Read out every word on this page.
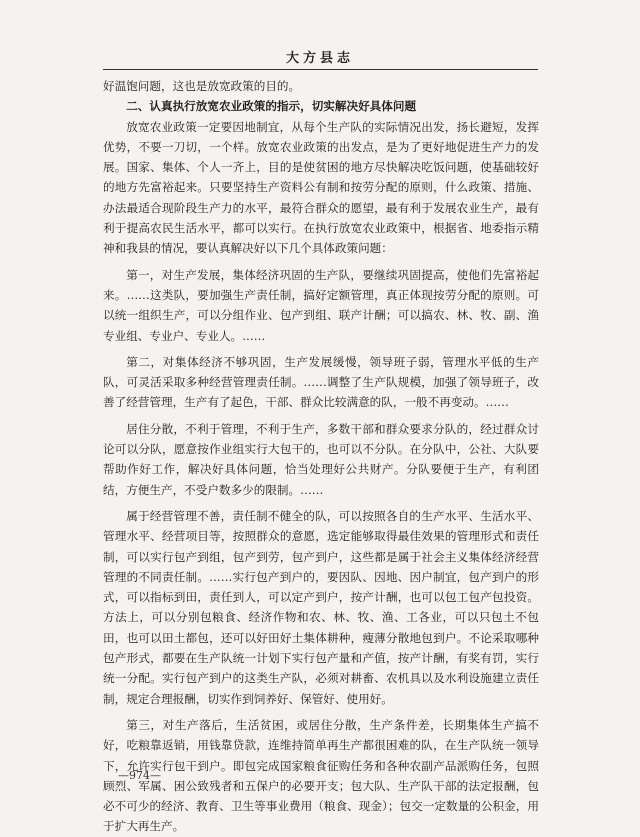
大方县志

好温饱问题，这也是放宽政策的目的。

二、认真执行放宽农业政策的指示，切实解决好具体问题

放宽农业政策一定要因地制宜，从每个生产队的实际情况出发，扬长避短，发挥优势，不要一刀切，一个样。放宽农业政策的出发点，是为了更好地促进生产力的发展。国家、集体、个人一齐上，目的是使贫困的地方尽快解决吃饭问题，使基础较好的地方先富裕起来。只要坚持生产资料公有制和按劳分配的原则，什么政策、措施、办法最适合现阶段生产力的水平，最符合群众的愿望，最有利于发展农业生产，最有利于提高农民生活水平，都可以实行。在执行放宽农业政策中，根据省、地委指示精神和我县的情况，要认真解决好以下几个具体政策问题：

第一，对生产发展，集体经济巩固的生产队，要继续巩固提高，使他们先富裕起来。……这类队，要加强生产责任制，搞好定额管理，真正体现按劳分配的原则。可以统一组织生产，可以分组作业、包产到组、联产计酬；可以搞农、林、牧、副、渔专业组、专业户、专业人。……

第二，对集体经济不够巩固，生产发展缓慢，领导班子弱，管理水平低的生产队，可灵活采取多种经营管理责任制。……调整了生产队规模，加强了领导班子，改善了经营管理，生产有了起色，干部、群众比较满意的队，一般不再变动。……

居住分散，不利于管理，不利于生产，多数干部和群众要求分队的，经过群众讨论可以分队，愿意按作业组实行大包干的，也可以不分队。在分队中，公社、大队要帮助作好工作，解决好具体问题，恰当处理好公共财产。分队要便于生产，有利团结，方便生产，不受户数多少的限制。……

属于经营管理不善，责任制不健全的队，可以按照各自的生产水平、生活水平、管理水平、经营项目等，按照群众的意愿，选定能够取得最佳效果的管理形式和责任制，可以实行包产到组，包产到劳，包产到户，这些都是属于社会主义集体经济经营管理的不同责任制。……实行包产到户的，要因队、因地、因户制宜，包产到户的形式，可以指标到田，责任到人，可以定产到户，按产计酬，也可以包工包产包投资。方法上，可以分别包粮食、经济作物和农、林、牧、渔、工各业，可以只包土不包田，也可以田土都包，还可以好田好土集体耕种，瘦薄分散地包到户。不论采取哪种包产形式，都要在生产队统一计划下实行包产量和产值，按产计酬，有奖有罚，实行统一分配。实行包产到户的这类生产队，必须对耕畜、农机具以及水利设施建立责任制，规定合理报酬，切实作到饲养好、保管好、使用好。

第三，对生产落后，生活贫困，或居住分散，生产条件差，长期集体生产搞不好，吃粮靠返销，用钱靠贷款，连维持简单再生产都很困难的队，在生产队统一领导下，允许实行包干到户。即包完成国家粮食征购任务和各种农副产品派购任务，包照顾烈、军属、困公致残者和五保户的必要开支；包大队、生产队干部的法定报酬，包必不可少的经济、教育、卫生等事业费用（粮食、现金）；包交一定数量的公积金，用于扩大再生产。

—974—
